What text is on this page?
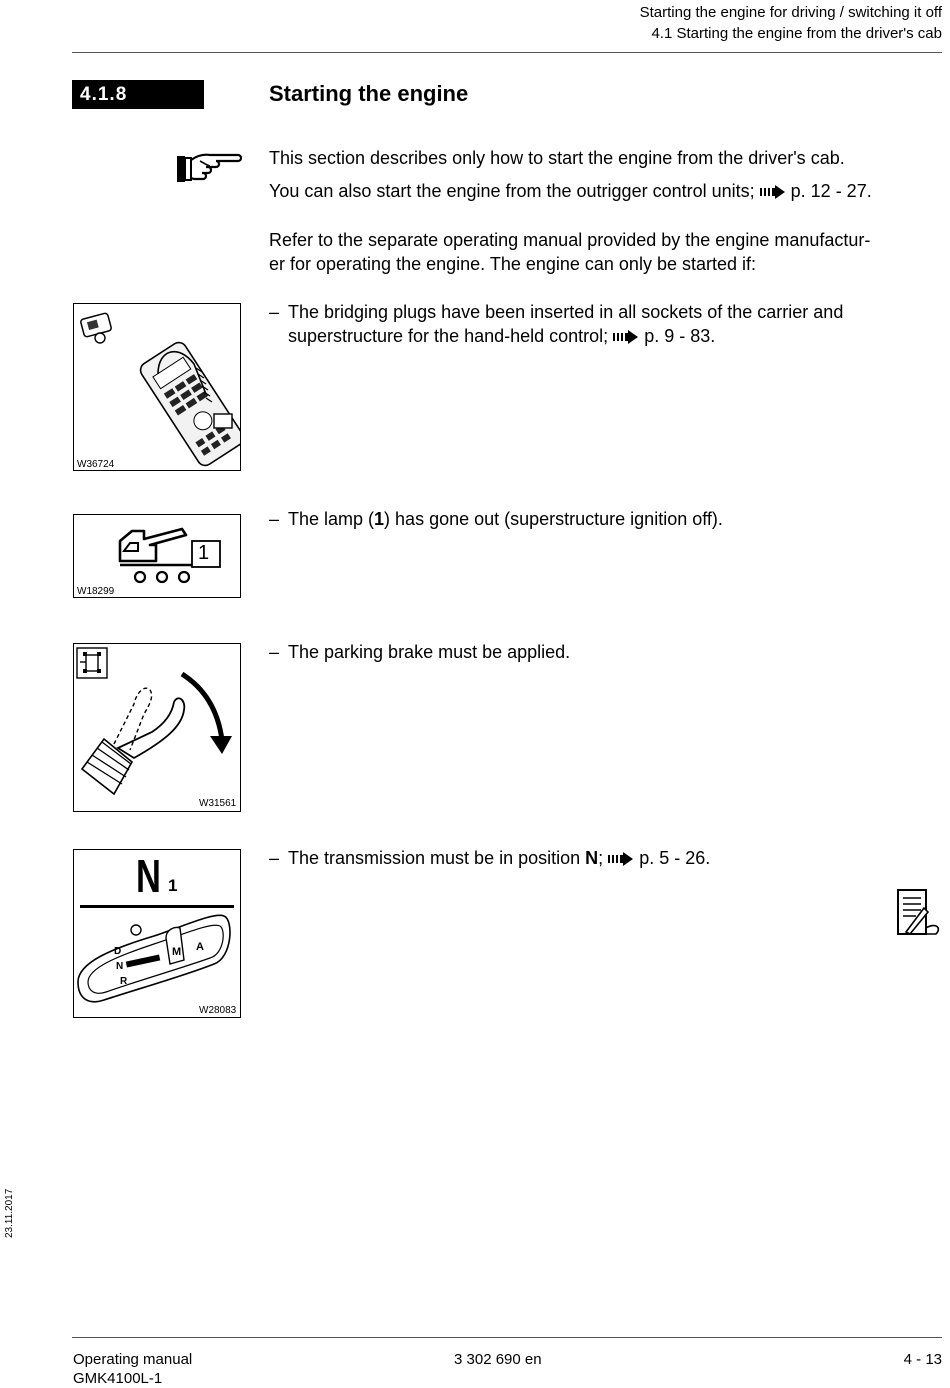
Starting the engine for driving / switching it off
4.1 Starting the engine from the driver's cab
4.1.8	Starting the engine
This section describes only how to start the engine from the driver's cab.
You can also start the engine from the outrigger control units; p. 12 - 27.
Refer to the separate operating manual provided by the engine manufactur-
er for operating the engine. The engine can only be started if:
– The bridging plugs have been inserted in all sockets of the carrier and
superstructure for the hand-held control; p. 9 - 83.
W36724
– The lamp (1) has gone out (superstructure ignition off).
1
W18299
– The parking brake must be applied.
W31561
– The transmission must be in position N; p. 5 - 26.
N 1
D
N
R
M A
W28083
23.11.2017
Operating manual
GMK4100L-1
3 302 690 en	4 - 13
